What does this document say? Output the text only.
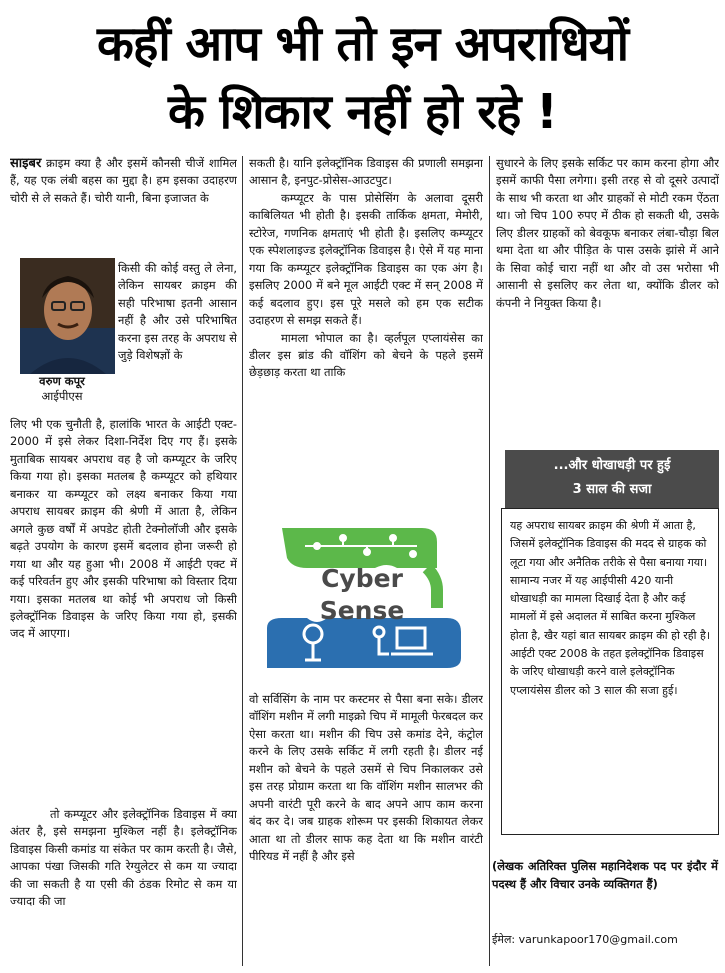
कहीं आप भी तो इन अपराधियों
के शिकार नहीं हो रहे !

साइबर क्राइम क्या है और इसमें कौनसी चीजें शामिल हैं, यह एक लंबी बहस का मुद्दा है। हम इसका उदाहरण चोरी से ले सकते हैं। चोरी यानी, बिना इजाजत के

किसी की कोई वस्तु ले लेना, लेकिन सायबर क्राइम की सही परिभाषा इतनी आसान नहीं है और उसे परिभाषित करना इस तरह के अपराध से जुड़े विशेषज्ञों के

वरुण कपूर
आईपीएस

लिए भी एक चुनौती है, हालांकि भारत के आईटी एक्ट- 2000 में इसे लेकर दिशा-निर्देश दिए गए हैं। इसके मुताबिक सायबर अपराध वह है जो कम्प्यूटर के जरिए किया गया हो। इसका मतलब है कम्प्यूटर को हथियार बनाकर या कम्प्यूटर को लक्ष्य बनाकर किया गया अपराध सायबर क्राइम की श्रेणी में आता है, लेकिन अगले कुछ वर्षों में अपडेट होती टेक्नोलॉजी और इसके बढ़ते उपयोग के कारण इसमें बदलाव होना जरूरी हो गया था और यह हुआ भी। 2008 में आईटी एक्ट में कई परिवर्तन हुए और इसकी परिभाषा को विस्तार दिया गया। इसका मतलब था कोई भी अपराध जो किसी इलेक्ट्रॉनिक डिवाइस के जरिए किया गया हो, इसकी जद में आएगा।

तो कम्प्यूटर और इलेक्ट्रॉनिक डिवाइस में क्या अंतर है, इसे समझना मुश्किल नहीं है। इलेक्ट्रॉनिक डिवाइस किसी कमांड या संकेत पर काम करती है। जैसे, आपका पंखा जिसकी गति रेग्युलेटर से कम या ज्यादा की जा सकती है या एसी की ठंडक रिमोट से कम या ज्यादा की जा

सकती है। यानि इलेक्ट्रॉनिक डिवाइस की प्रणाली समझना आसान है, इनपुट-प्रोसेस-आउटपुट।

कम्प्यूटर के पास प्रोसेसिंग के अलावा दूसरी काबिलियत भी होती है। इसकी तार्किक क्षमता, मेमोरी, स्टोरेज, गणनिक क्षमताएं भी होती है। इसलिए कम्प्यूटर एक स्पेशलाइज्ड इलेक्ट्रॉनिक डिवाइस है। ऐसे में यह माना गया कि कम्प्यूटर इलेक्ट्रॉनिक डिवाइस का एक अंग है। इसलिए 2000 में बने मूल आईटी एक्ट में सन् 2008 में कई बदलाव हुए। इस पूरे मसले को हम एक सटीक उदाहरण से समझ सकते हैं।

मामला भोपाल का है। व्हर्लपूल एप्लायंसेस का डीलर इस ब्रांड की वॉशिंग को बेचने के पहले इसमें छेड़छाड़ करता था ताकि

Cyber
Sense

वो सर्विसिंग के नाम पर कस्टमर से पैसा बना सके। डीलर वॉशिंग मशीन में लगी माइक्रो चिप में मामूली फेरबदल कर ऐसा करता था। मशीन की चिप उसे कमांड देने, कंट्रोल करने के लिए उसके सर्किट में लगी रहती है। डीलर नई मशीन को बेचने के पहले उसमें से चिप निकालकर उसे इस तरह प्रोग्राम करता था कि वॉशिंग मशीन सालभर की अपनी वारंटी पूरी करने के बाद अपने आप काम करना बंद कर दे। जब ग्राहक शोरूम पर इसकी शिकायत लेकर आता था तो डीलर साफ कह देता था कि मशीन वारंटी पीरियड में नहीं है और इसे

सुधारने के लिए इसके सर्किट पर काम करना होगा और इसमें काफी पैसा लगेगा। इसी तरह से वो दूसरे उत्पादों के साथ भी करता था और ग्राहकों से मोटी रकम ऐंठता था। जो चिप 100 रुपए में ठीक हो सकती थी, उसके लिए डीलर ग्राहकों को बेवकूफ बनाकर लंबा-चौड़ा बिल थमा देता था और पीड़ित के पास उसके झांसे में आने के सिवा कोई चारा नहीं था और वो उस भरोसा भी आसानी से इसलिए कर लेता था, क्योंकि डीलर को कंपनी ने नियुक्त किया है।

...और धोखाधड़ी पर हुई
3 साल की सजा
यह अपराध सायबर क्राइम की श्रेणी में आता है, जिसमें इलेक्ट्रॉनिक डिवाइस की मदद से ग्राहक को लूटा गया और अनैतिक तरीके से पैसा बनाया गया। सामान्य नजर में यह आईपीसी 420 यानी धोखाधड़ी का मामला दिखाई देता है और कई मामलों में इसे अदालत में साबित करना मुश्किल होता है, खैर यहां बात सायबर क्राइम की हो रही है। आईटी एक्ट 2008 के तहत इलेक्ट्रॉनिक डिवाइस के जरिए धोखाधड़ी करने वाले इलेक्ट्रॉनिक एप्लायंसेस डीलर को 3 साल की सजा हुई।
(लेखक अतिरिक्त पुलिस महानिदेशक पद पर इंदौर में पदस्थ हैं और विचार उनके व्यक्तिगत हैं)
ईमेल: varunkapoor170@gmail.com
